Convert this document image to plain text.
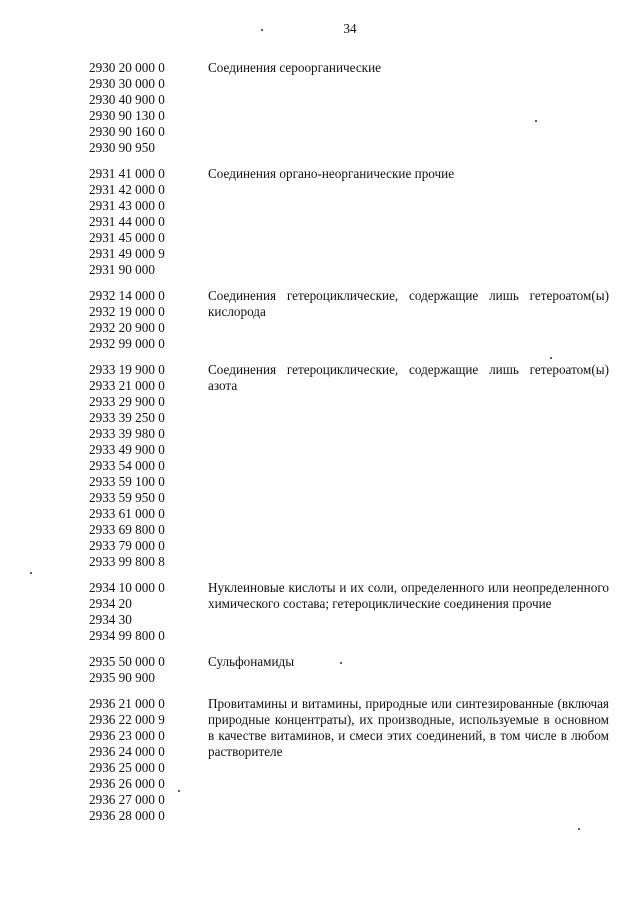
34
2930 20 000 0
2930 30 000 0
2930 40 900 0
2930 90 130 0
2930 90 160 0
2930 90 950
Соединения сероорганические
2931 41 000 0
2931 42 000 0
2931 43 000 0
2931 44 000 0
2931 45 000 0
2931 49 000 9
2931 90 000
Соединения органо-неорганические прочие
2932 14 000 0
2932 19 000 0
2932 20 900 0
2932 99 000 0
Соединения гетероциклические, содержащие лишь гетероатом(ы) кислорода
2933 19 900 0
2933 21 000 0
2933 29 900 0
2933 39 250 0
2933 39 980 0
2933 49 900 0
2933 54 000 0
2933 59 100 0
2933 59 950 0
2933 61 000 0
2933 69 800 0
2933 79 000 0
2933 99 800 8
Соединения гетероциклические, содержащие лишь гетероатом(ы) азота
2934 10 000 0
2934 20
2934 30
2934 99 800 0
Нуклеиновые кислоты и их соли, определенного или неопределенного химического состава; гетероциклические соединения прочие
2935 50 000 0
2935 90 900
Сульфонамиды
2936 21 000 0
2936 22 000 9
2936 23 000 0
2936 24 000 0
2936 25 000 0
2936 26 000 0
2936 27 000 0
2936 28 000 0
Провитамины и витамины, природные или синтезированные (включая природные концентраты), их производные, используемые в основном в качестве витаминов, и смеси этих соединений, в том числе в любом растворителе
